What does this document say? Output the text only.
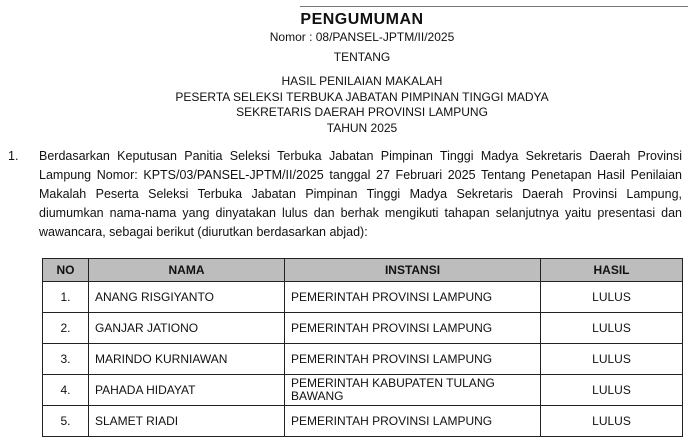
PENGUMUMAN
Nomor : 08/PANSEL-JPTM/II/2025
TENTANG
HASIL PENILAIAN MAKALAH
PESERTA SELEKSI TERBUKA JABATAN PIMPINAN TINGGI MADYA
SEKRETARIS DAERAH PROVINSI LAMPUNG
TAHUN 2025
1. Berdasarkan Keputusan Panitia Seleksi Terbuka Jabatan Pimpinan Tinggi Madya Sekretaris Daerah Provinsi Lampung Nomor: KPTS/03/PANSEL-JPTM/II/2025 tanggal 27 Februari 2025 Tentang Penetapan Hasil Penilaian Makalah Peserta Seleksi Terbuka Jabatan Pimpinan Tinggi Madya Sekretaris Daerah Provinsi Lampung, diumumkan nama-nama yang dinyatakan lulus dan berhak mengikuti tahapan selanjutnya yaitu presentasi dan wawancara, sebagai berikut (diurutkan berdasarkan abjad):
NO	NAMA	INSTANSI	HASIL
1.	ANANG RISGIYANTO	PEMERINTAH PROVINSI LAMPUNG	LULUS
2.	GANJAR JATIONO	PEMERINTAH PROVINSI LAMPUNG	LULUS
3.	MARINDO KURNIAWAN	PEMERINTAH PROVINSI LAMPUNG	LULUS
4.	PAHADA HIDAYAT	PEMERINTAH KABUPATEN TULANG BAWANG	LULUS
5.	SLAMET RIADI	PEMERINTAH PROVINSI LAMPUNG	LULUS
